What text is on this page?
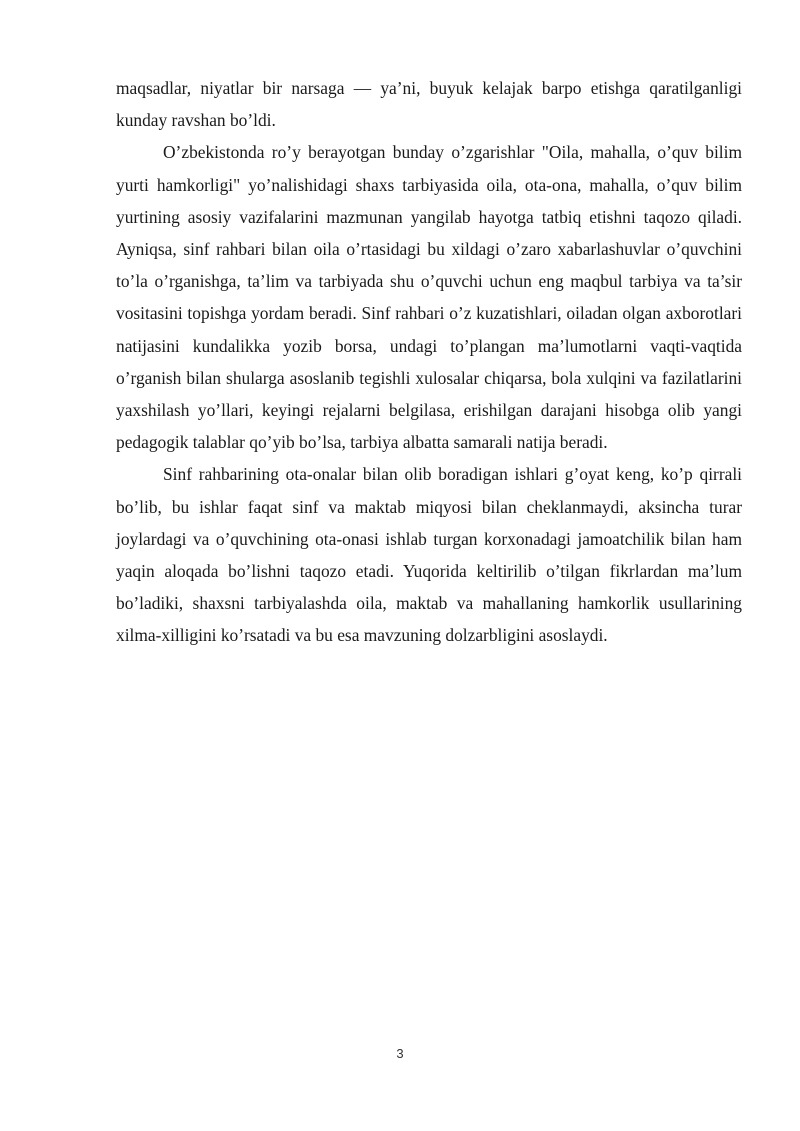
maqsadlar, niyatlar bir narsaga — ya’ni, buyuk kelajak barpo etishga qaratilganligi kunday ravshan bo’ldi.

O’zbekistonda ro’y berayotgan bunday o’zgarishlar "Oila, mahalla, o’quv bilim yurti hamkorligi" yo’nalishidagi shaxs tarbiyasida oila, ota-ona, mahalla, o’quv bilim yurtining asosiy vazifalarini mazmunan yangilab hayotga tatbiq etishni taqozo qiladi. Ayniqsa, sinf rahbari bilan oila o’rtasidagi bu xildagi o’zaro xabarlashuvlar o’quvchini to’la o’rganishga, ta’lim va tarbiyada shu o’quvchi uchun eng maqbul tarbiya va ta’sir vositasini topishga yordam beradi. Sinf rahbari o’z kuzatishlari, oiladan olgan axborotlari natijasini kundalikka yozib borsa, undagi to’plangan ma’lumotlarni vaqti-vaqtida o’rganish bilan shularga asoslanib tegishli xulosalar chiqarsa, bola xulqini va fazilatlarini yaxshilash yo’llari, keyingi rejalarni belgilasa, erishilgan darajani hisobga olib yangi pedagogik talablar qo’yib bo’lsa, tarbiya albatta samarali natija beradi.

Sinf rahbarining ota-onalar bilan olib boradigan ishlari g’oyat keng, ko’p qirrali bo’lib, bu ishlar faqat sinf va maktab miqyosi bilan cheklanmaydi, aksincha turar joylardagi va o’quvchining ota-onasi ishlab turgan korxonadagi jamoatchilik bilan ham yaqin aloqada bo’lishni taqozo etadi. Yuqorida keltirilib o’tilgan fikrlardan ma’lum bo’ladiki, shaxsni tarbiyalashda oila, maktab va mahallaning hamkorlik usullarining xilma-xilligini ko’rsatadi va bu esa mavzuning dolzarbligini asoslaydi.

3
